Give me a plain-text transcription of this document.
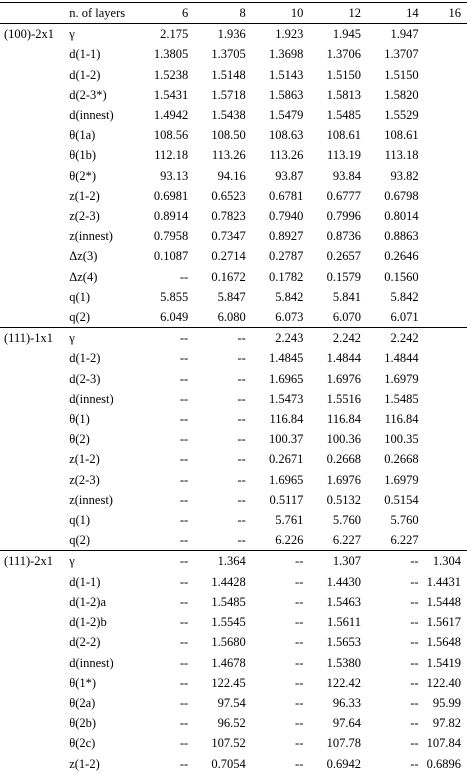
	n. of layers	6	8	10	12	14	16
(100)-2x1	γ	2.175	1.936	1.923	1.945	1.947	
	d(1-1)	1.3805	1.3705	1.3698	1.3706	1.3707	
	d(1-2)	1.5238	1.5148	1.5143	1.5150	1.5150	
	d(2-3*)	1.5431	1.5718	1.5863	1.5813	1.5820	
	d(innest)	1.4942	1.5438	1.5479	1.5485	1.5529	
	θ(1a)	108.56	108.50	108.63	108.61	108.61	
	θ(1b)	112.18	113.26	113.26	113.19	113.18	
	θ(2*)	93.13	94.16	93.87	93.84	93.82	
	z(1-2)	0.6981	0.6523	0.6781	0.6777	0.6798	
	z(2-3)	0.8914	0.7823	0.7940	0.7996	0.8014	
	z(innest)	0.7958	0.7347	0.8927	0.8736	0.8863	
	Δz(3)	0.1087	0.2714	0.2787	0.2657	0.2646	
	Δz(4)	--	0.1672	0.1782	0.1579	0.1560	
	q(1)	5.855	5.847	5.842	5.841	5.842	
	q(2)	6.049	6.080	6.073	6.070	6.071	
(111)-1x1	γ	--	--	2.243	2.242	2.242	
	d(1-2)	--	--	1.4845	1.4844	1.4844	
	d(2-3)	--	--	1.6965	1.6976	1.6979	
	d(innest)	--	--	1.5473	1.5516	1.5485	
	θ(1)	--	--	116.84	116.84	116.84	
	θ(2)	--	--	100.37	100.36	100.35	
	z(1-2)	--	--	0.2671	0.2668	0.2668	
	z(2-3)	--	--	1.6965	1.6976	1.6979	
	z(innest)	--	--	0.5117	0.5132	0.5154	
	q(1)	--	--	5.761	5.760	5.760	
	q(2)	--	--	6.226	6.227	6.227	
(111)-2x1	γ	--	1.364	--	1.307	--	1.304
	d(1-1)	--	1.4428	--	1.4430	--	1.4431
	d(1-2)a	--	1.5485	--	1.5463	--	1.5448
	d(1-2)b	--	1.5545	--	1.5611	--	1.5617
	d(2-2)	--	1.5680	--	1.5653	--	1.5648
	d(innest)	--	1.4678	--	1.5380	--	1.5419
	θ(1*)	--	122.45	--	122.42	--	122.40
	θ(2a)	--	97.54	--	96.33	--	95.99
	θ(2b)	--	96.52	--	97.64	--	97.82
	θ(2c)	--	107.52	--	107.78	--	107.84
	z(1-2)	--	0.7054	--	0.6942	--	0.6896
